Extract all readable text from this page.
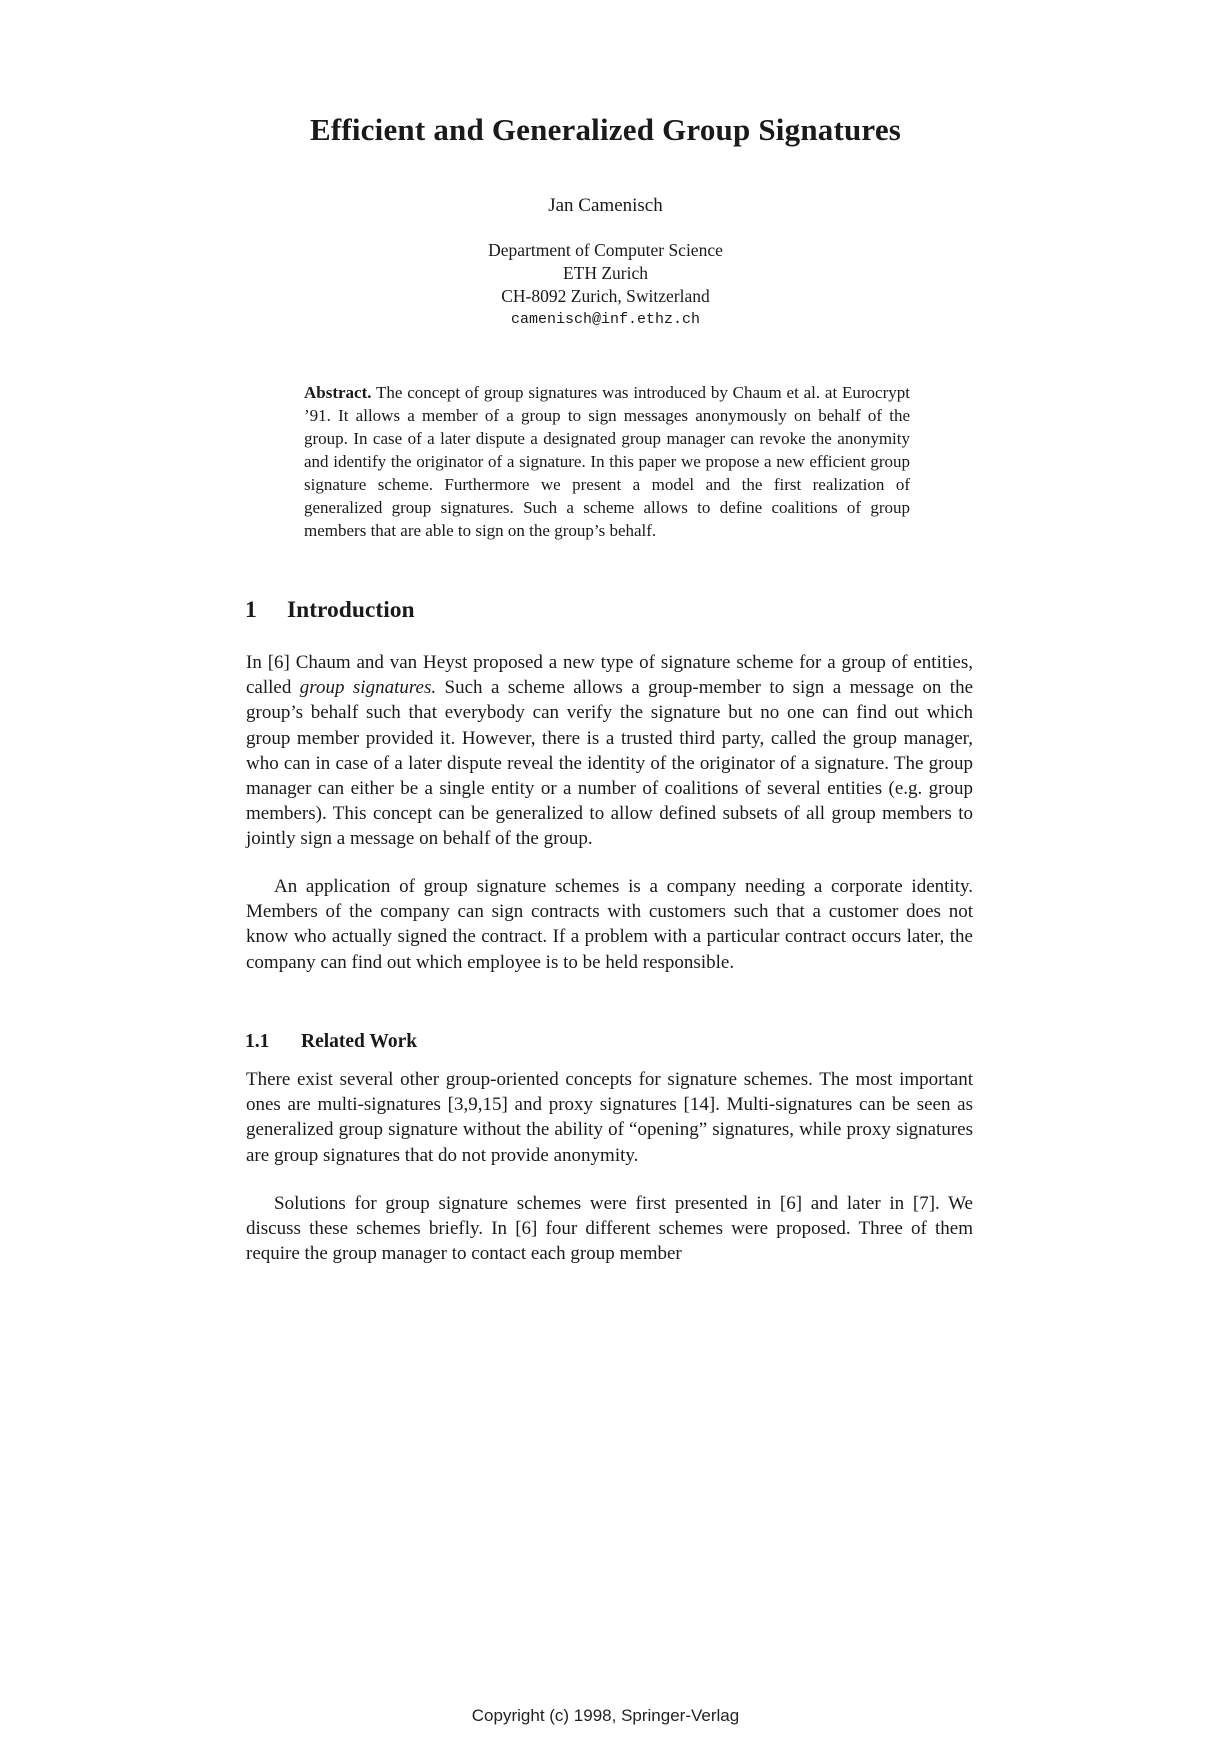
Efficient and Generalized Group Signatures
Jan Camenisch
Department of Computer Science
ETH Zurich
CH-8092 Zurich, Switzerland
camenisch@inf.ethz.ch
Abstract. The concept of group signatures was introduced by Chaum et al. at Eurocrypt ’91. It allows a member of a group to sign messages anonymously on behalf of the group. In case of a later dispute a designated group manager can revoke the anonymity and identify the originator of a signature. In this paper we propose a new efficient group signature scheme. Furthermore we present a model and the first realization of generalized group signatures. Such a scheme allows to define coalitions of group members that are able to sign on the group’s behalf.
1 Introduction
In [6] Chaum and van Heyst proposed a new type of signature scheme for a group of entities, called group signatures. Such a scheme allows a group-member to sign a message on the group’s behalf such that everybody can verify the signature but no one can find out which group member provided it. However, there is a trusted third party, called the group manager, who can in case of a later dispute reveal the identity of the originator of a signature. The group manager can either be a single entity or a number of coalitions of several entities (e.g. group members). This concept can be generalized to allow defined subsets of all group members to jointly sign a message on behalf of the group.
An application of group signature schemes is a company needing a corporate identity. Members of the company can sign contracts with customers such that a customer does not know who actually signed the contract. If a problem with a particular contract occurs later, the company can find out which employee is to be held responsible.
1.1 Related Work
There exist several other group-oriented concepts for signature schemes. The most important ones are multi-signatures [3,9,15] and proxy signatures [14]. Multi-signatures can be seen as generalized group signature without the ability of “opening” signatures, while proxy signatures are group signatures that do not provide anonymity.
Solutions for group signature schemes were first presented in [6] and later in [7]. We discuss these schemes briefly. In [6] four different schemes were proposed. Three of them require the group manager to contact each group member
Copyright (c) 1998, Springer-Verlag
